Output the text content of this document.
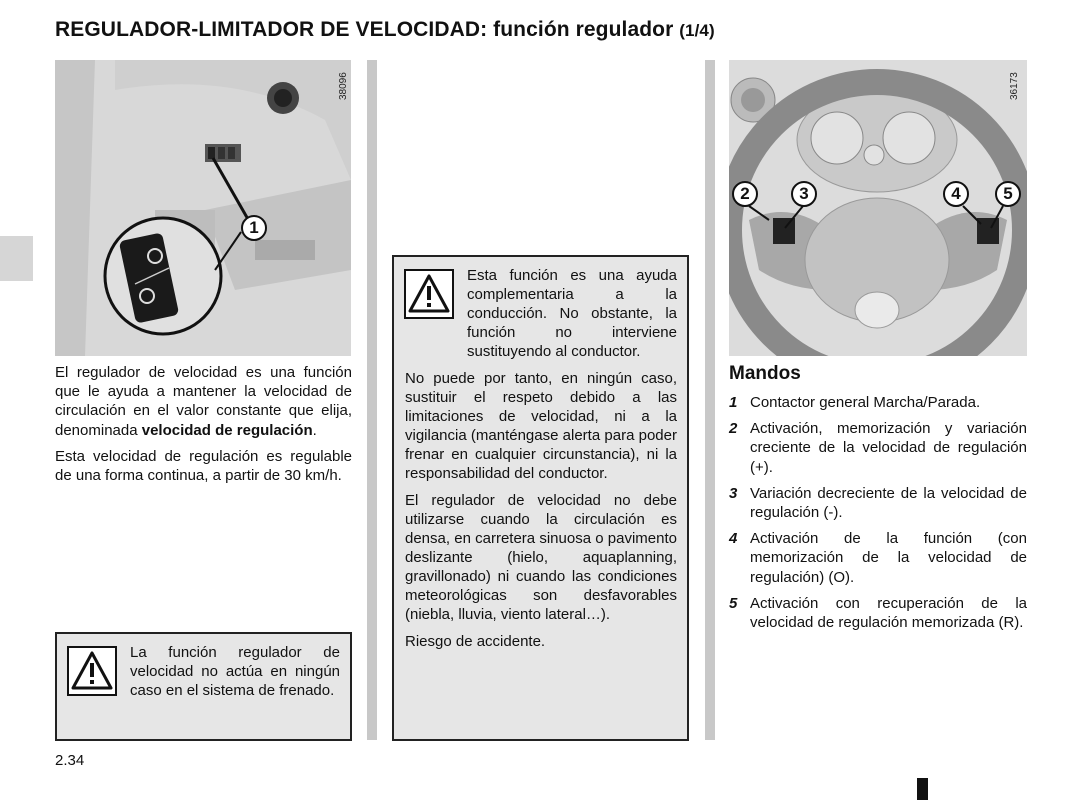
REGULADOR-LIMITADOR DE VELOCIDAD: función regulador (1/4)
1
38096
2	3	4	5
36173

El regulador de velocidad es una función que le ayuda a mantener la velocidad de circulación en el valor constante que elija, denominada velocidad de regulación.

Esta velocidad de regulación es regulable de una forma continua, a partir de 30 km/h.

La función regulador de velocidad no actúa en ningún caso en el sistema de frenado.

Esta función es una ayuda complementaria a la conducción. No obstante, la función no interviene sustituyendo al conductor.

No puede por tanto, en ningún caso, sustituir el respeto debido a las limitaciones de velocidad, ni a la vigilancia (manténgase alerta para poder frenar en cualquier circunstancia), ni la responsabilidad del conductor.

El regulador de velocidad no debe utilizarse cuando la circulación es densa, en carretera sinuosa o pavimento deslizante (hielo, aquaplanning, gravillonado) ni cuando las condiciones meteorológicas son desfavorables (niebla, lluvia, viento lateral…).

Riesgo de accidente.

Mandos
1 Contactor general Marcha/Parada.
2 Activación, memorización y variación creciente de la velocidad de regulación (+).
3 Variación decreciente de la velocidad de regulación (-).
4 Activación de la función (con memorización de la velocidad de regulación) (O).
5 Activación con recuperación de la velocidad de regulación memorizada (R).
2.34
